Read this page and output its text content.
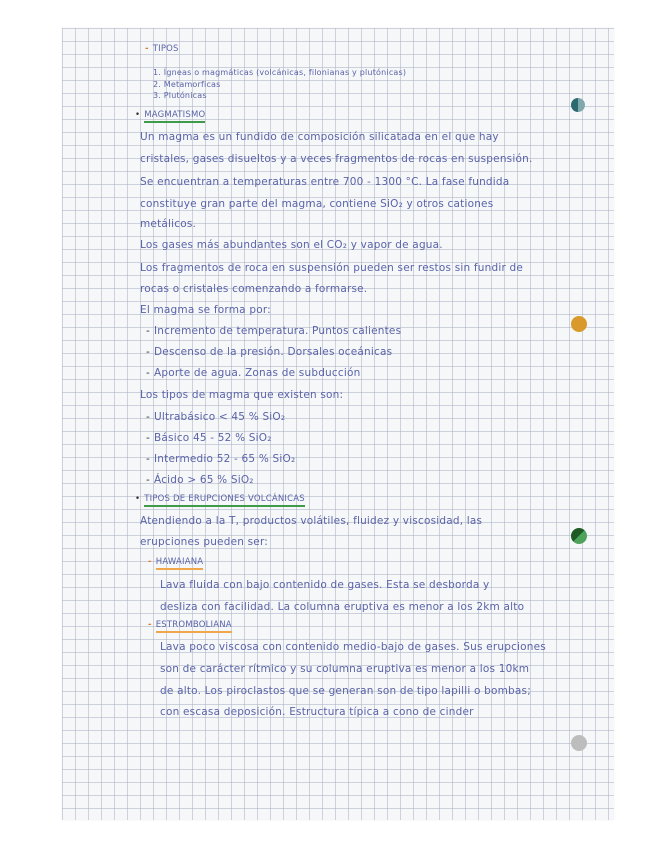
- TIPOS
1. Ígneas o magmáticas (volcánicas, filonianas y plutónicas)
2. Metamorficas
3. Plutónicas
• MAGMATISMO
Un magma es un fundido de composición silicatada en el que hay
cristales, gases disueltos y a veces fragmentos de rocas en suspensión.
Se encuentran a temperaturas entre 700 - 1300 °C. La fase fundida
constituye gran parte del magma, contiene SiO₂ y otros cationes
metálicos.
Los gases más abundantes son el CO₂ y vapor de agua.
Los fragmentos de roca en suspensión pueden ser restos sin fundir de
rocas o cristales comenzando a formarse.
El magma se forma por:
- Incremento de temperatura. Puntos calientes
- Descenso de la presión. Dorsales oceánicas
- Aporte de agua. Zonas de subducción
Los tipos de magma que existen son:
- Ultrabásico < 45 % SiO₂
- Básico 45 - 52 % SiO₂
- Intermedio 52 - 65 % SiO₂
- Ácido > 65 % SiO₂
• TIPOS DE ERUPCIONES VOLCÁNICAS
Atendiendo a la T, productos volátiles, fluidez y viscosidad, las
erupciones pueden ser:
- HAWAIANA
Lava fluida con bajo contenido de gases. Esta se desborda y
desliza con facilidad. La columna eruptiva es menor a los 2km alto
- ESTROMBOLIANA
Lava poco viscosa con contenido medio-bajo de gases. Sus erupciones
son de carácter rítmico y su columna eruptiva es menor a los 10km
de alto. Los piroclastos que se generan son de tipo lapilli o bombas;
con escasa deposición. Estructura típica a cono de cinder
